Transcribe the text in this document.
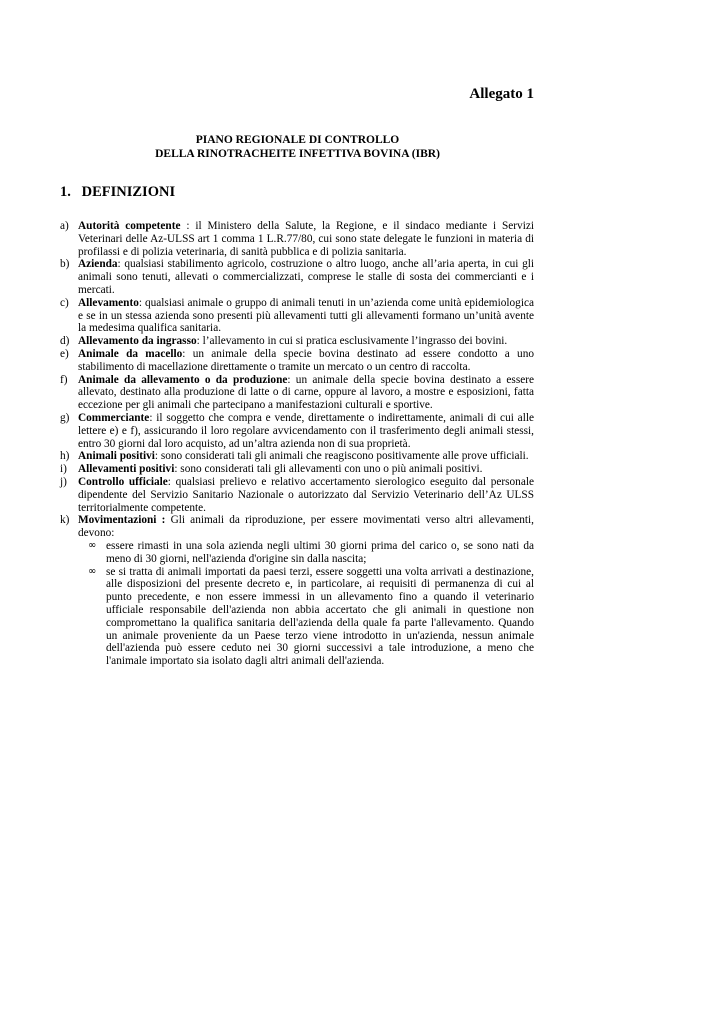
Allegato 1
PIANO REGIONALE DI CONTROLLO
DELLA RINOTRACHEITE INFETTIVA BOVINA (IBR)
1. DEFINIZIONI
a) Autorità competente : il Ministero della Salute, la Regione, e il sindaco mediante i Servizi Veterinari delle Az-ULSS art 1 comma 1 L.R.77/80, cui sono state delegate le funzioni in materia di profilassi e di polizia veterinaria, di sanità pubblica e di polizia sanitaria.
b) Azienda: qualsiasi stabilimento agricolo, costruzione o altro luogo, anche all’aria aperta, in cui gli animali sono tenuti, allevati o commercializzati, comprese le stalle di sosta dei commercianti e i mercati.
c) Allevamento: qualsiasi animale o gruppo di animali tenuti in un’azienda come unità epidemiologica e se in un stessa azienda sono presenti più allevamenti tutti gli allevamenti formano un’unità avente la medesima qualifica sanitaria.
d) Allevamento da ingrasso: l’allevamento in cui si pratica esclusivamente l’ingrasso dei bovini.
e) Animale da macello: un animale della specie bovina destinato ad essere condotto a uno stabilimento di macellazione direttamente o tramite un mercato o un centro di raccolta.
f) Animale da allevamento o da produzione: un animale della specie bovina destinato a essere allevato, destinato alla produzione di latte o di carne, oppure al lavoro, a mostre e esposizioni, fatta eccezione per gli animali che partecipano a manifestazioni culturali e sportive.
g) Commerciante: il soggetto che compra e vende, direttamente o indirettamente, animali di cui alle lettere e) e f), assicurando il loro regolare avvicendamento con il trasferimento degli animali stessi, entro 30 giorni dal loro acquisto, ad un’altra azienda non di sua proprietà.
h) Animali positivi: sono considerati tali gli animali che reagiscono positivamente alle prove ufficiali.
i) Allevamenti positivi: sono considerati tali gli allevamenti con uno o più animali positivi.
j) Controllo ufficiale: qualsiasi prelievo e relativo accertamento sierologico eseguito dal personale dipendente del Servizio Sanitario Nazionale o autorizzato dal Servizio Veterinario dell’Az ULSS territorialmente competente.
k) Movimentazioni : Gli animali da riproduzione, per essere movimentati verso altri allevamenti, devono:
∞ essere rimasti in una sola azienda negli ultimi 30 giorni prima del carico o, se sono nati da meno di 30 giorni, nell'azienda d'origine sin dalla nascita;
∞ se si tratta di animali importati da paesi terzi, essere soggetti una volta arrivati a destinazione, alle disposizioni del presente decreto e, in particolare, ai requisiti di permanenza di cui al punto precedente, e non essere immessi in un allevamento fino a quando il veterinario ufficiale responsabile dell'azienda non abbia accertato che gli animali in questione non compromettano la qualifica sanitaria dell'azienda della quale fa parte l'allevamento. Quando un animale proveniente da un Paese terzo viene introdotto in un'azienda, nessun animale dell'azienda può essere ceduto nei 30 giorni successivi a tale introduzione, a meno che l'animale importato sia isolato dagli altri animali dell'azienda.
